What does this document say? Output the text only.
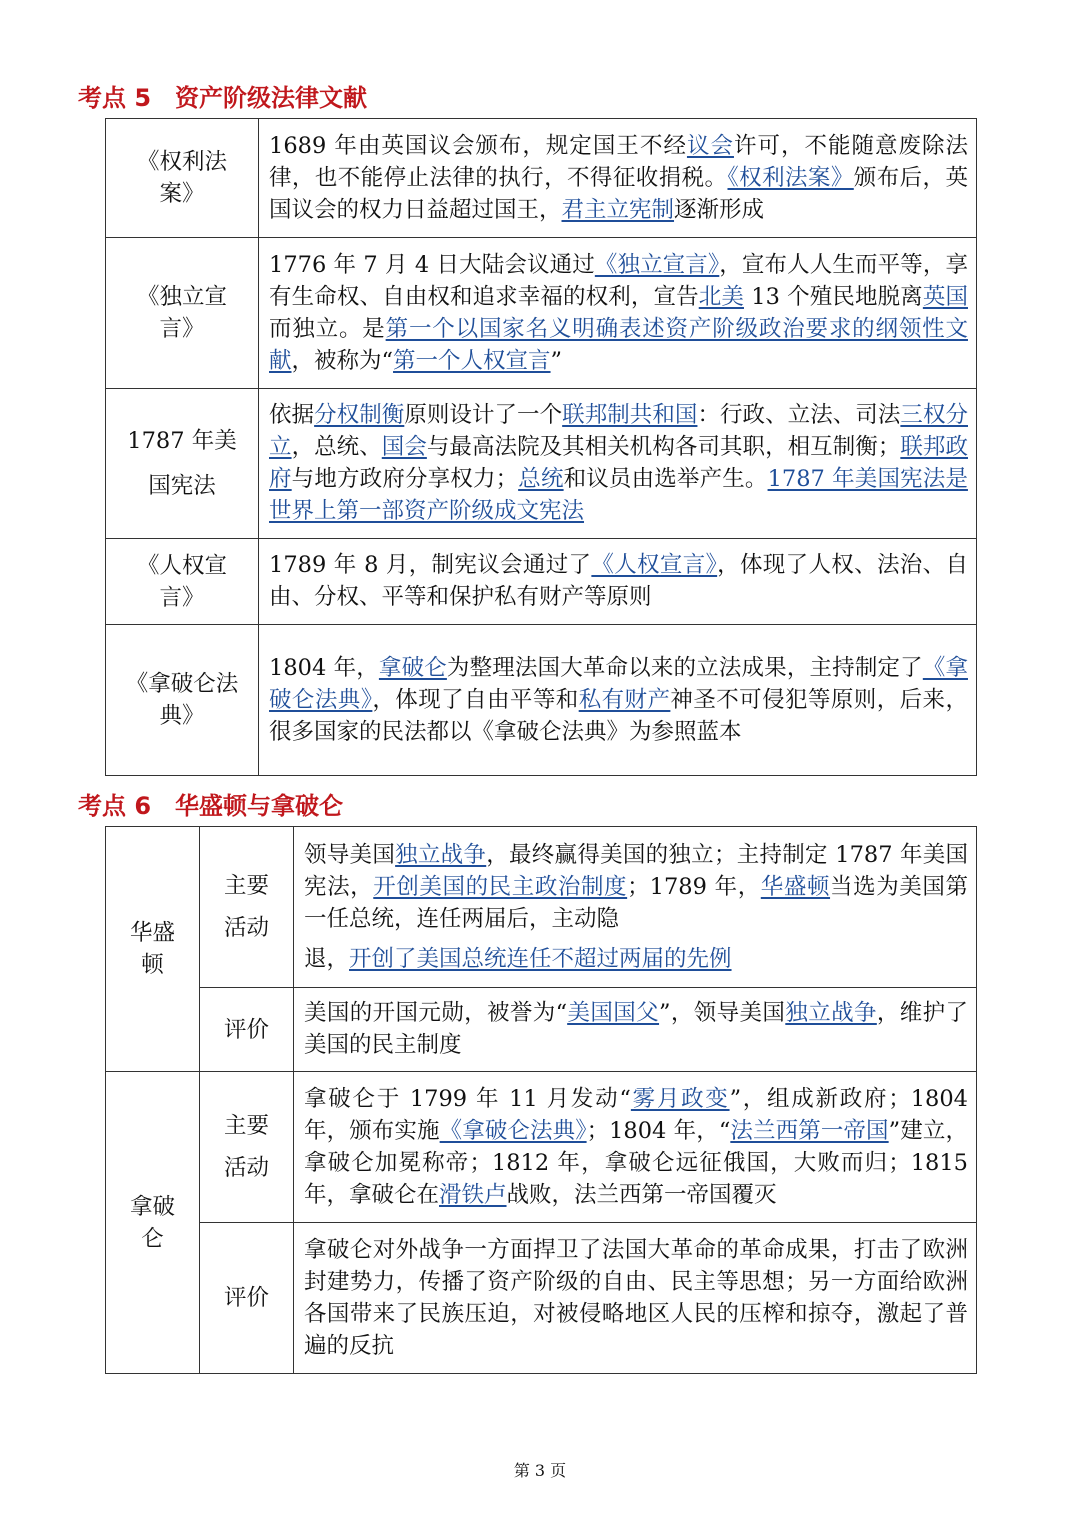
考点 5　资产阶级法律文献
《权利法案》	1689 年由英国议会颁布，规定国王不经议会许可，不能随意废除法律，也不能停止法律的执行，不得征收捐税。《权利法案》颁布后，英国议会的权力日益超过国王，君主立宪制逐渐形成
《独立宣言》	1776 年 7 月 4 日大陆会议通过《独立宣言》，宣布人人生而平等，享有生命权、自由权和追求幸福的权利，宣告北美 13 个殖民地脱离英国而独立。是第一个以国家名义明确表述资产阶级政治要求的纲领性文献，被称为“第一个人权宣言”
1787 年美国宪法	依据分权制衡原则设计了一个联邦制共和国：行政、立法、司法三权分立，总统、国会与最高法院及其相关机构各司其职，相互制衡；联邦政府与地方政府分享权力；总统和议员由选举产生。1787 年美国宪法是世界上第一部资产阶级成文宪法
《人权宣言》	1789 年 8 月，制宪议会通过了《人权宣言》，体现了人权、法治、自由、分权、平等和保护私有财产等原则
《拿破仑法典》	1804 年，拿破仑为整理法国大革命以来的立法成果，主持制定了《拿破仑法典》，体现了自由平等和私有财产神圣不可侵犯等原则，后来，很多国家的民法都以《拿破仑法典》为参照蓝本
考点 6　华盛顿与拿破仑
华盛顿	主要活动	领导美国独立战争，最终赢得美国的独立；主持制定 1787 年美国宪法，开创美国的民主政治制度；1789 年，华盛顿当选为美国第一任总统，连任两届后，主动隐
退，开创了美国总统连任不超过两届的先例
	评价	美国的开国元勋，被誉为“美国国父”，领导美国独立战争，维护了美国的民主制度
拿破仑	主要活动	拿破仑于 1799 年 11 月发动“雾月政变”，组成新政府；1804 年，颁布实施《拿破仑法典》；1804 年，“法兰西第一帝国”建立，拿破仑加冕称帝；1812 年，拿破仑远征俄国，大败而归；1815 年，拿破仑在滑铁卢战败，法兰西第一帝国覆灭
	评价	拿破仑对外战争一方面捍卫了法国大革命的革命成果，打击了欧洲封建势力，传播了资产阶级的自由、民主等思想；另一方面给欧洲各国带来了民族压迫，对被侵略地区人民的压榨和掠夺，激起了普遍的反抗
第 3 页
